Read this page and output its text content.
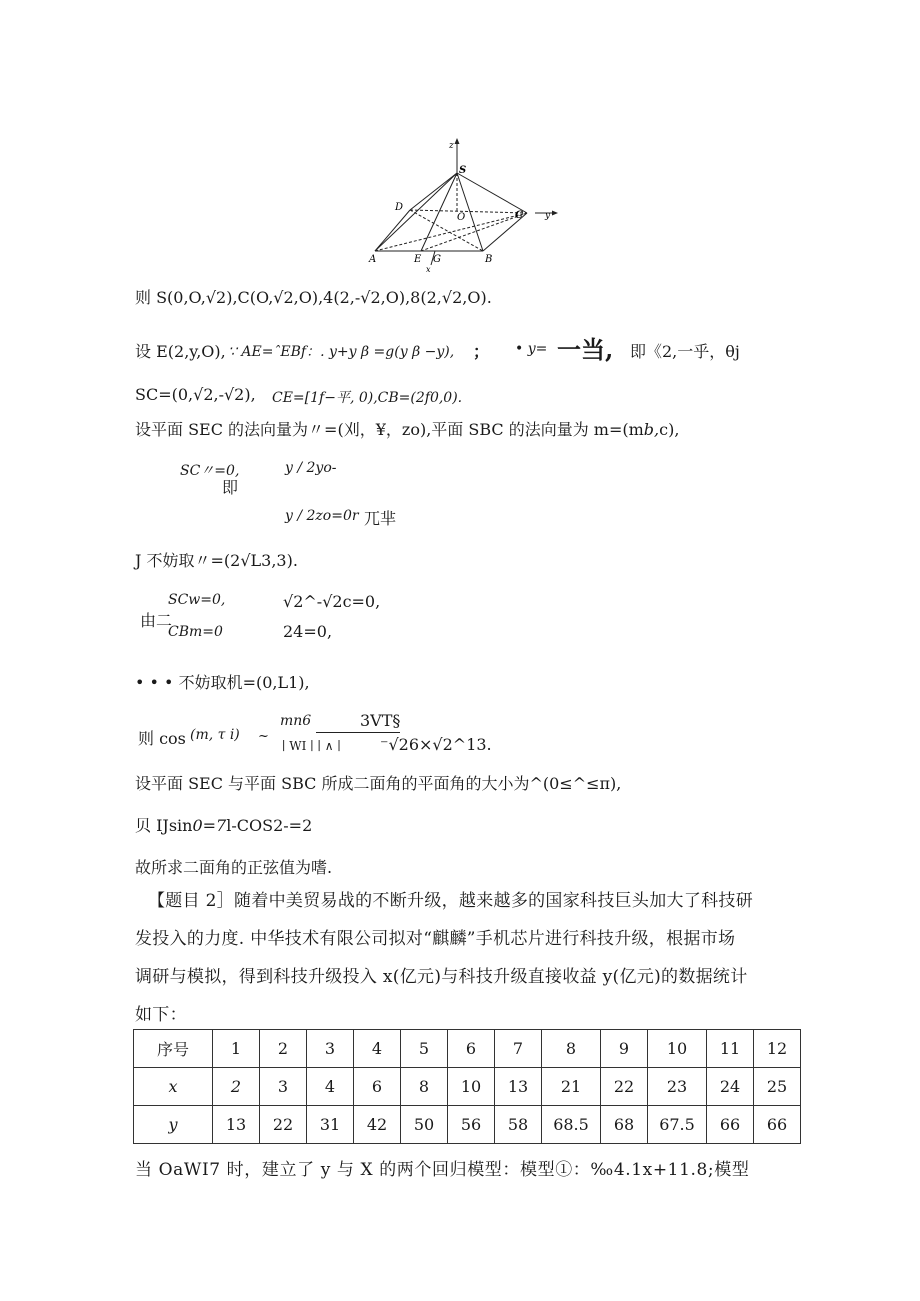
z
S
D
O	C y
A	E G	B
x
则 S(0,O,√2),C(O,√2,O),4(2,-√2,O),8(2,√2,O).
设 E(2,y,O), ∵ AE=ˆEBf：. y+y β =g(y β −y), ； • y= 一当, 即《2,一乎，θj
SC=(0,√2,-√2), CE=[1f−平, 0),CB=(2f0,0).
设平面 SEC 的法向量为〃=(刈，¥，zo),平面 SBC 的法向量为 m=(mb,c),
SC〃=0,
即
y / 2yo-
y / 2zo=0r 兀芈
J 不妨取〃=(2√L3,3).
SCw=0,	√2^-√2c=0,
由二
CBm=0	24=0,
• • • 不妨取机=(0,L1),
则 cos (m, τ i) ~
mn6	3VT§
∣ WI ∣ ∣ ∧ ∣ ⁻√26×√2^13.
设平面 SEC 与平面 SBC 所成二面角的平面角的大小为^(0≤^≤π),
贝 IJsin0=7l-COS2-=2
故所求二面角的正弦值为嗜.
【题目 2］随着中美贸易战的不断升级，越来越多的国家科技巨头加大了科技研
发投入的力度. 中华技术有限公司拟对“麒麟”手机芯片进行科技升级，根据市场
调研与模拟，得到科技升级投入 x(亿元)与科技升级直接收益 y(亿元)的数据统计
如下：
序号	1	2	3	4	5	6	7	8	9	10	11	12
x	2	3	4	6	8	10	13	21	22	23	24	25
y	13	22	31	42	50	56	58	68.5	68	67.5	66	66
当 OaWI7 时，建立了 y 与 X 的两个回归模型：模型①：‰4.1x+11.8;模型
